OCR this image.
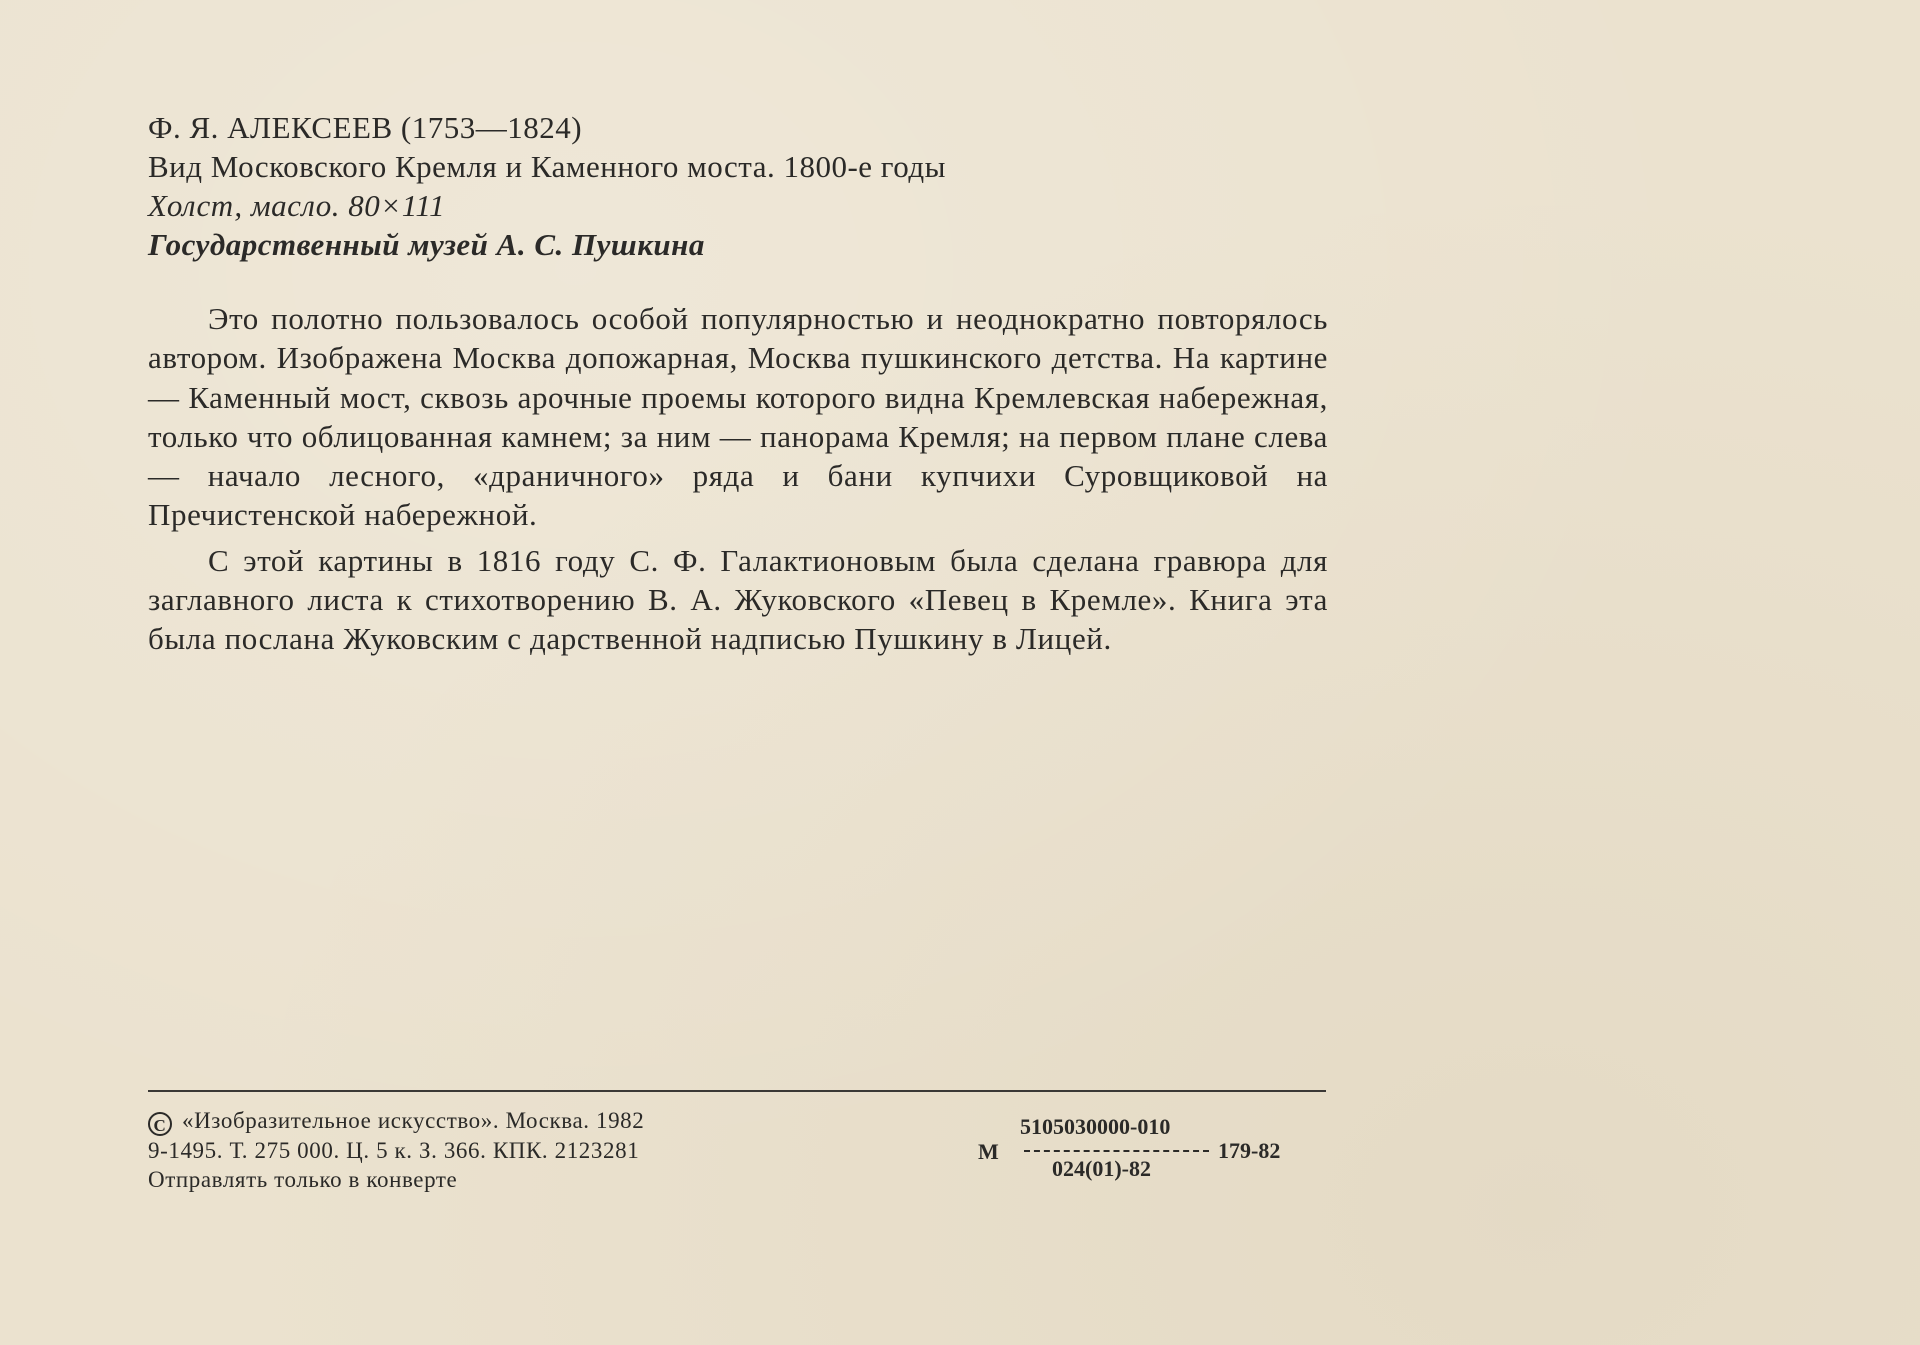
Ф. Я. АЛЕКСЕЕВ (1753—1824)
Вид Московского Кремля и Каменного моста. 1800-е годы
Холст, масло. 80×111
Государственный музей А. С. Пушкина

Это полотно пользовалось особой популярностью и неоднократно повторялось автором. Изображена Москва допожарная, Москва пушкинского детства. На картине — Каменный мост, сквозь арочные проемы которого видна Кремлевская набережная, только что облицованная камнем; за ним — панорама Кремля; на первом плане слева — начало лесного, «драничного» ряда и бани купчихи Суровщиковой на Пречистенской набережной.

С этой картины в 1816 году С. Ф. Галактионовым была сделана гравюра для заглавного листа к стихотворению В. А. Жуковского «Певец в Кремле». Книга эта была послана Жуковским с дарственной надписью Пушкину в Лицей.

C «Изобразительное искусство». Москва. 1982
9-1495. Т. 275 000. Ц. 5 к. З. 366. КПК. 2123281
Отправлять только в конверте
М
5105030000-010
179-82
024(01)-82
